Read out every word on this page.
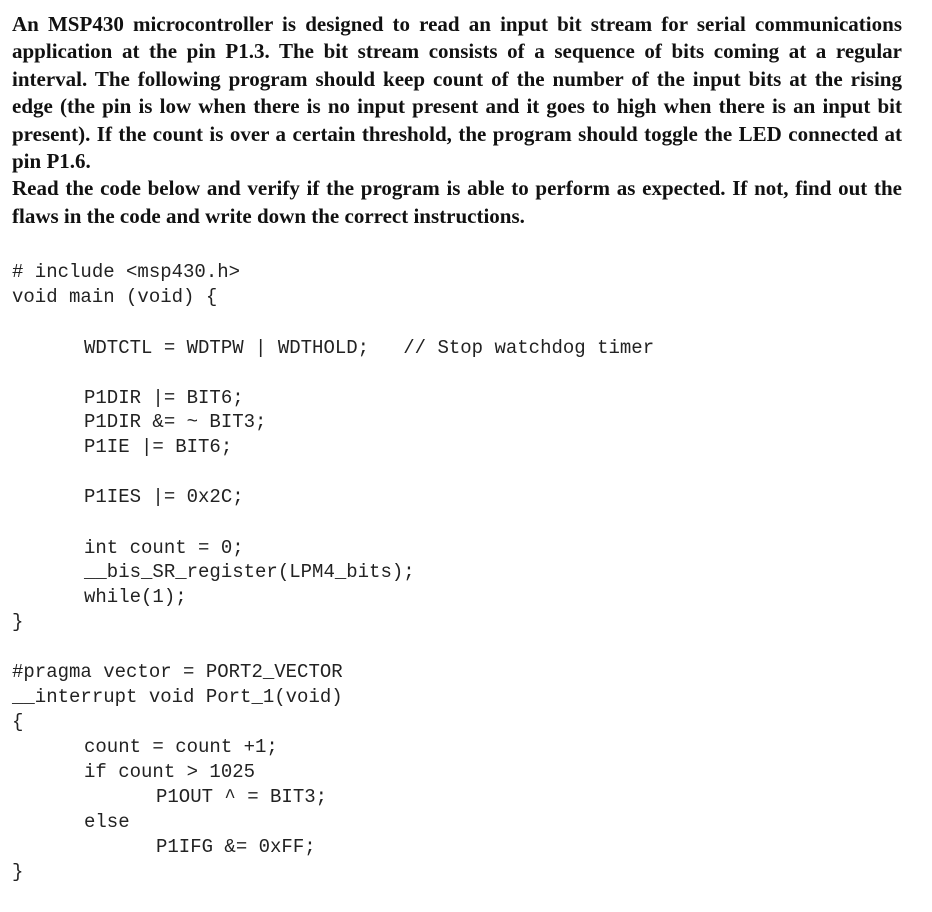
An MSP430 microcontroller is designed to read an input bit stream for serial communications application at the pin P1.3. The bit stream consists of a sequence of bits coming at a regular interval. The following program should keep count of the number of the input bits at the rising edge (the pin is low when there is no input present and it goes to high when there is an input bit present). If the count is over a certain threshold, the program should toggle the LED connected at pin P1.6.

Read the code below and verify if the program is able to perform as expected. If not, find out the flaws in the code and write down the correct instructions.

# include <msp430.h>
void main (void) {
WDTCTL = WDTPW | WDTHOLD;   // Stop watchdog timer
P1DIR |= BIT6;
P1DIR &= ~ BIT3;
P1IE |= BIT6;
P1IES |= 0x2C;
int count = 0;
__bis_SR_register(LPM4_bits);
while(1);
}
#pragma vector = PORT2_VECTOR
__interrupt void Port_1(void)
{
count = count +1;
if count > 1025
P1OUT ^ = BIT3;
else
P1IFG &= 0xFF;
}
